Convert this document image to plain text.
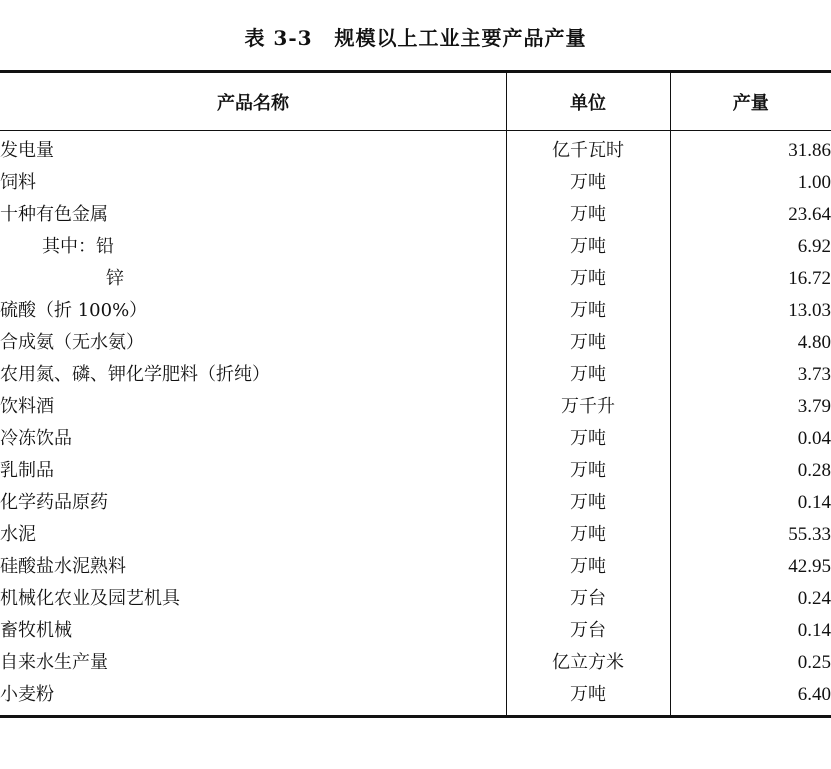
表 3-3 规模以上工业主要产品产量
产品名称	单位	产量
发电量	亿千瓦时	31.86
饲料	万吨	1.00
十种有色金属	万吨	23.64
其中：铅	万吨	6.92
锌	万吨	16.72
硫酸（折 100%）	万吨	13.03
合成氨（无水氨）	万吨	4.80
农用氮、磷、钾化学肥料（折纯）	万吨	3.73
饮料酒	万千升	3.79
冷冻饮品	万吨	0.04
乳制品	万吨	0.28
化学药品原药	万吨	0.14
水泥	万吨	55.33
硅酸盐水泥熟料	万吨	42.95
机械化农业及园艺机具	万台	0.24
畜牧机械	万台	0.14
自来水生产量	亿立方米	0.25
小麦粉	万吨	6.40
